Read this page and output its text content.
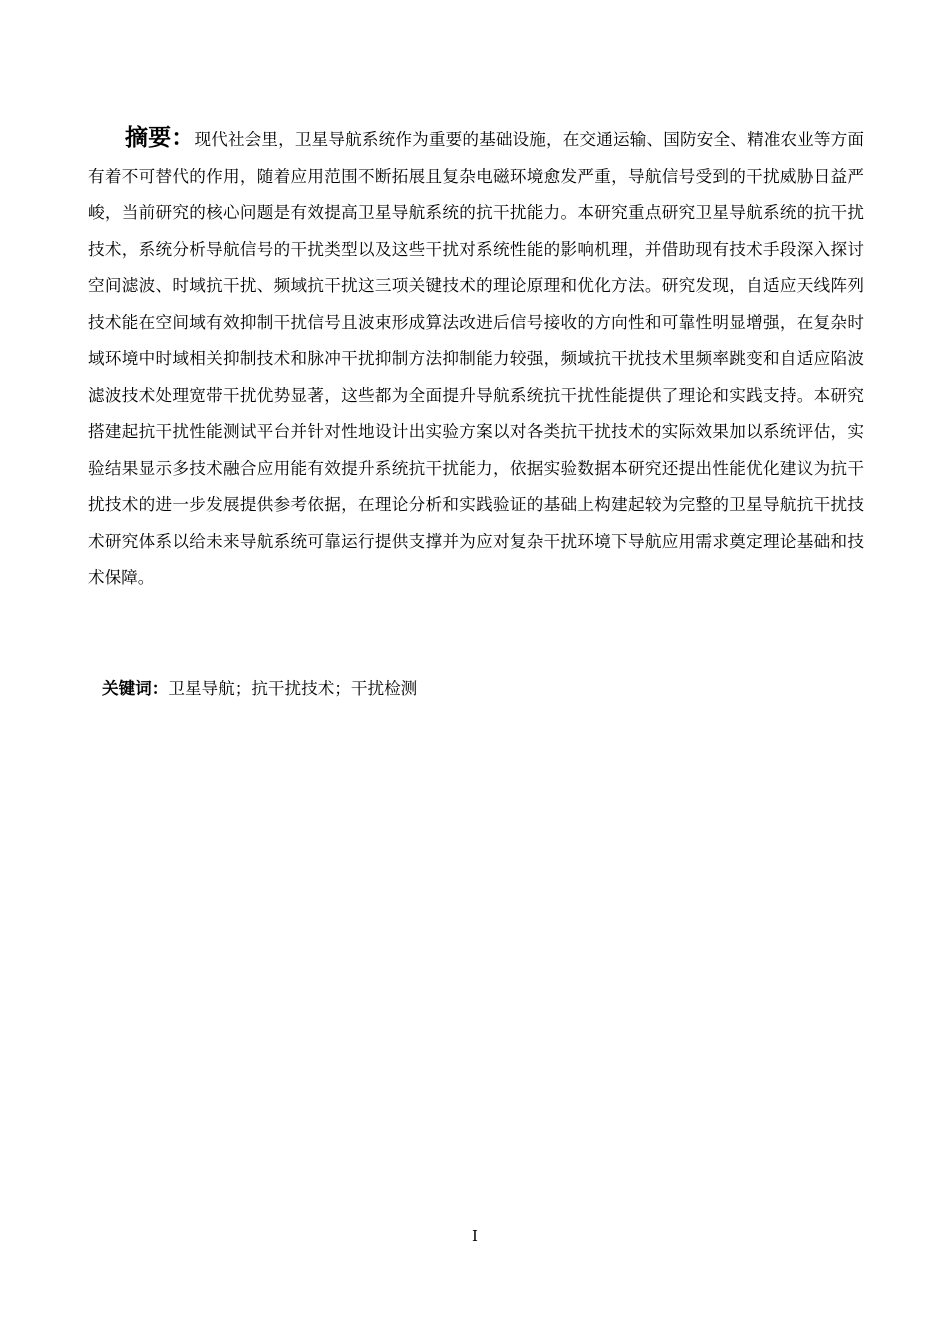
摘要：现代社会里，卫星导航系统作为重要的基础设施，在交通运输、国防安全、精准农业等方面有着不可替代的作用，随着应用范围不断拓展且复杂电磁环境愈发严重，导航信号受到的干扰威胁日益严峻，当前研究的核心问题是有效提高卫星导航系统的抗干扰能力。本研究重点研究卫星导航系统的抗干扰技术，系统分析导航信号的干扰类型以及这些干扰对系统性能的影响机理，并借助现有技术手段深入探讨空间滤波、时域抗干扰、频域抗干扰这三项关键技术的理论原理和优化方法。研究发现，自适应天线阵列技术能在空间域有效抑制干扰信号且波束形成算法改进后信号接收的方向性和可靠性明显增强，在复杂时域环境中时域相关抑制技术和脉冲干扰抑制方法抑制能力较强，频域抗干扰技术里频率跳变和自适应陷波滤波技术处理宽带干扰优势显著，这些都为全面提升导航系统抗干扰性能提供了理论和实践支持。本研究搭建起抗干扰性能测试平台并针对性地设计出实验方案以对各类抗干扰技术的实际效果加以系统评估，实验结果显示多技术融合应用能有效提升系统抗干扰能力，依据实验数据本研究还提出性能优化建议为抗干扰技术的进一步发展提供参考依据，在理论分析和实践验证的基础上构建起较为完整的卫星导航抗干扰技术研究体系以给未来导航系统可靠运行提供支撑并为应对复杂干扰环境下导航应用需求奠定理论基础和技术保障。

关键词：卫星导航；抗干扰技术；干扰检测

I
